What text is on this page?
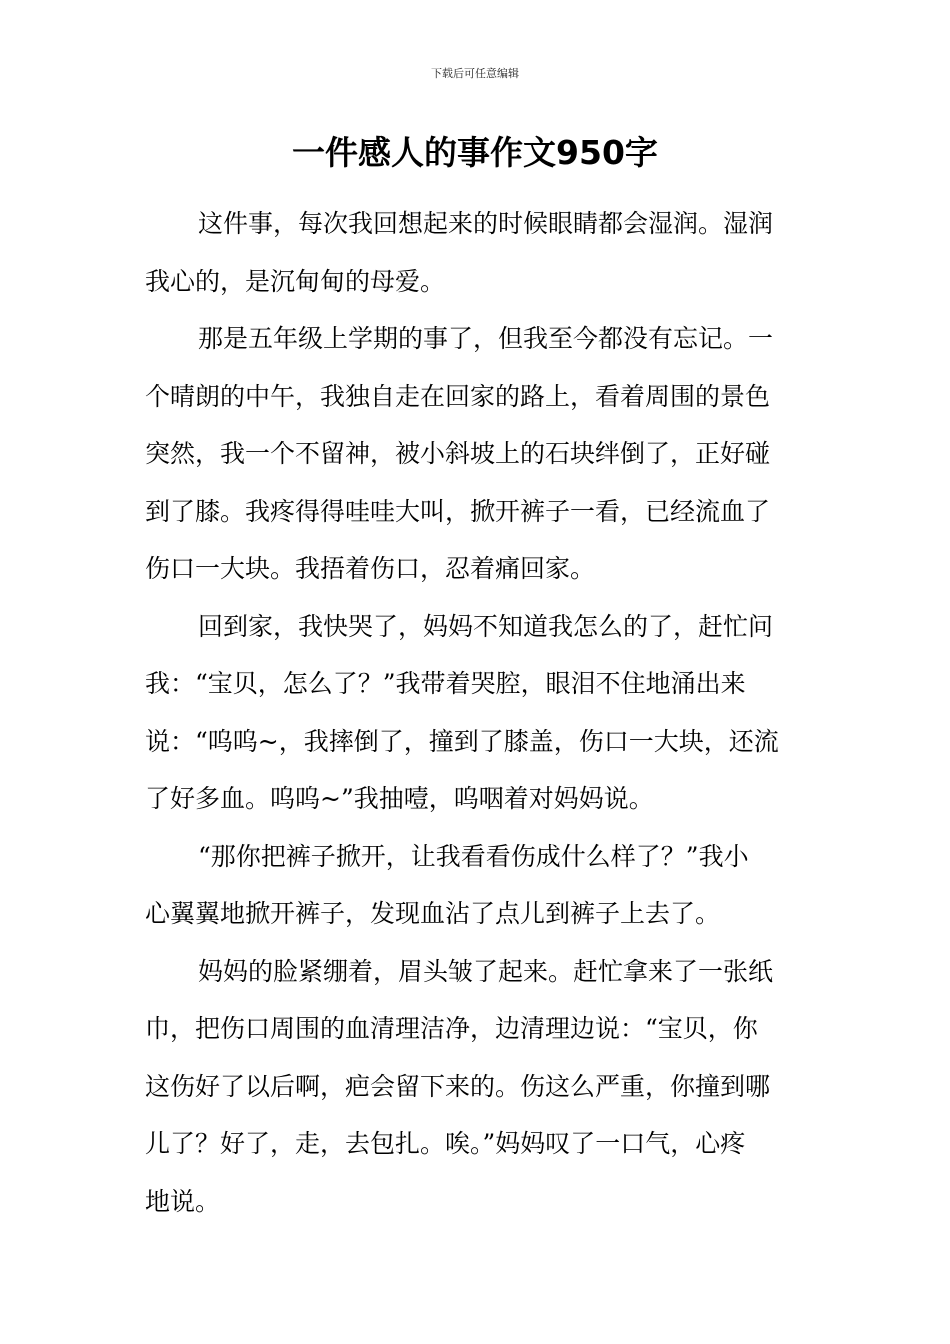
下载后可任意编辑
一件感人的事作文950字

这件事，每次我回想起来的时候眼睛都会湿润。湿润
我心的，是沉甸甸的母爱。

那是五年级上学期的事了，但我至今都没有忘记。一
个晴朗的中午，我独自走在回家的路上，看着周围的景色
突然，我一个不留神，被小斜坡上的石块绊倒了，正好碰
到了膝。我疼得得哇哇大叫，掀开裤子一看，已经流血了
伤口一大块。我捂着伤口，忍着痛回家。

回到家，我快哭了，妈妈不知道我怎么的了，赶忙问
我：“宝贝，怎么了？”我带着哭腔，眼泪不住地涌出来
说：“呜呜~，我摔倒了，撞到了膝盖，伤口一大块，还流
了好多血。呜呜~”我抽噎，呜咽着对妈妈说。

“那你把裤子掀开，让我看看伤成什么样了？”我小
心翼翼地掀开裤子，发现血沾了点儿到裤子上去了。

妈妈的脸紧绷着，眉头皱了起来。赶忙拿来了一张纸
巾，把伤口周围的血清理洁净，边清理边说：“宝贝，你
这伤好了以后啊，疤会留下来的。伤这么严重，你撞到哪
儿了？好了，走，去包扎。唉。”妈妈叹了一口气，心疼
地说。
